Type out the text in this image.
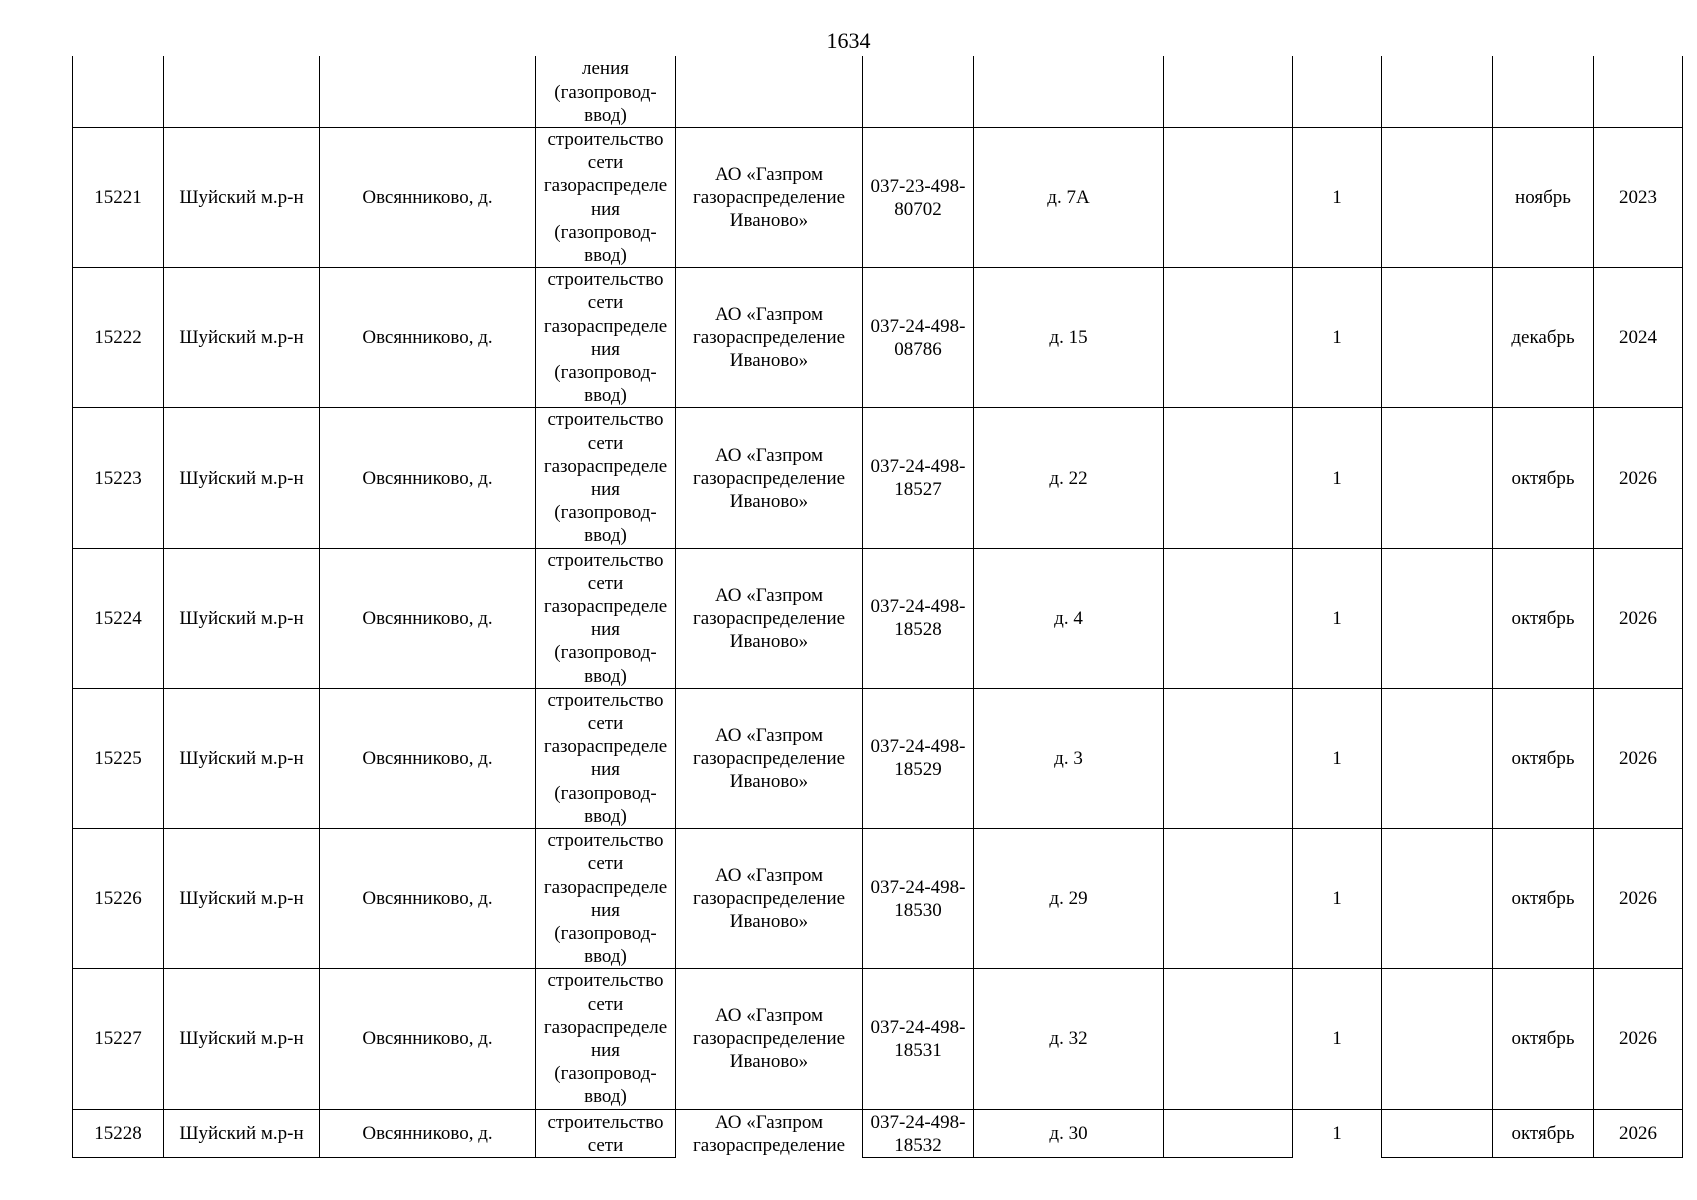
1634
			ления (газопровод-ввод)								
15221	Шуйский м.р-н	Овсянниково, д.	строительство сети газораспределения (газопровод-ввод)	АО «Газпром газораспределение Иваново»	037-23-498-80702	д. 7А		1		ноябрь	2023
15222	Шуйский м.р-н	Овсянниково, д.	строительство сети газораспределения (газопровод-ввод)	АО «Газпром газораспределение Иваново»	037-24-498-08786	д. 15		1		декабрь	2024
15223	Шуйский м.р-н	Овсянниково, д.	строительство сети газораспределения (газопровод-ввод)	АО «Газпром газораспределение Иваново»	037-24-498-18527	д. 22		1		октябрь	2026
15224	Шуйский м.р-н	Овсянниково, д.	строительство сети газораспределения (газопровод-ввод)	АО «Газпром газораспределение Иваново»	037-24-498-18528	д. 4		1		октябрь	2026
15225	Шуйский м.р-н	Овсянниково, д.	строительство сети газораспределения (газопровод-ввод)	АО «Газпром газораспределение Иваново»	037-24-498-18529	д. 3		1		октябрь	2026
15226	Шуйский м.р-н	Овсянниково, д.	строительство сети газораспределения (газопровод-ввод)	АО «Газпром газораспределение Иваново»	037-24-498-18530	д. 29		1		октябрь	2026
15227	Шуйский м.р-н	Овсянниково, д.	строительство сети газораспределения (газопровод-ввод)	АО «Газпром газораспределение Иваново»	037-24-498-18531	д. 32		1		октябрь	2026
15228	Шуйский м.р-н	Овсянниково, д.	строительство сети	АО «Газпром газораспределение	037-24-498-18532	д. 30		1		октябрь	2026
